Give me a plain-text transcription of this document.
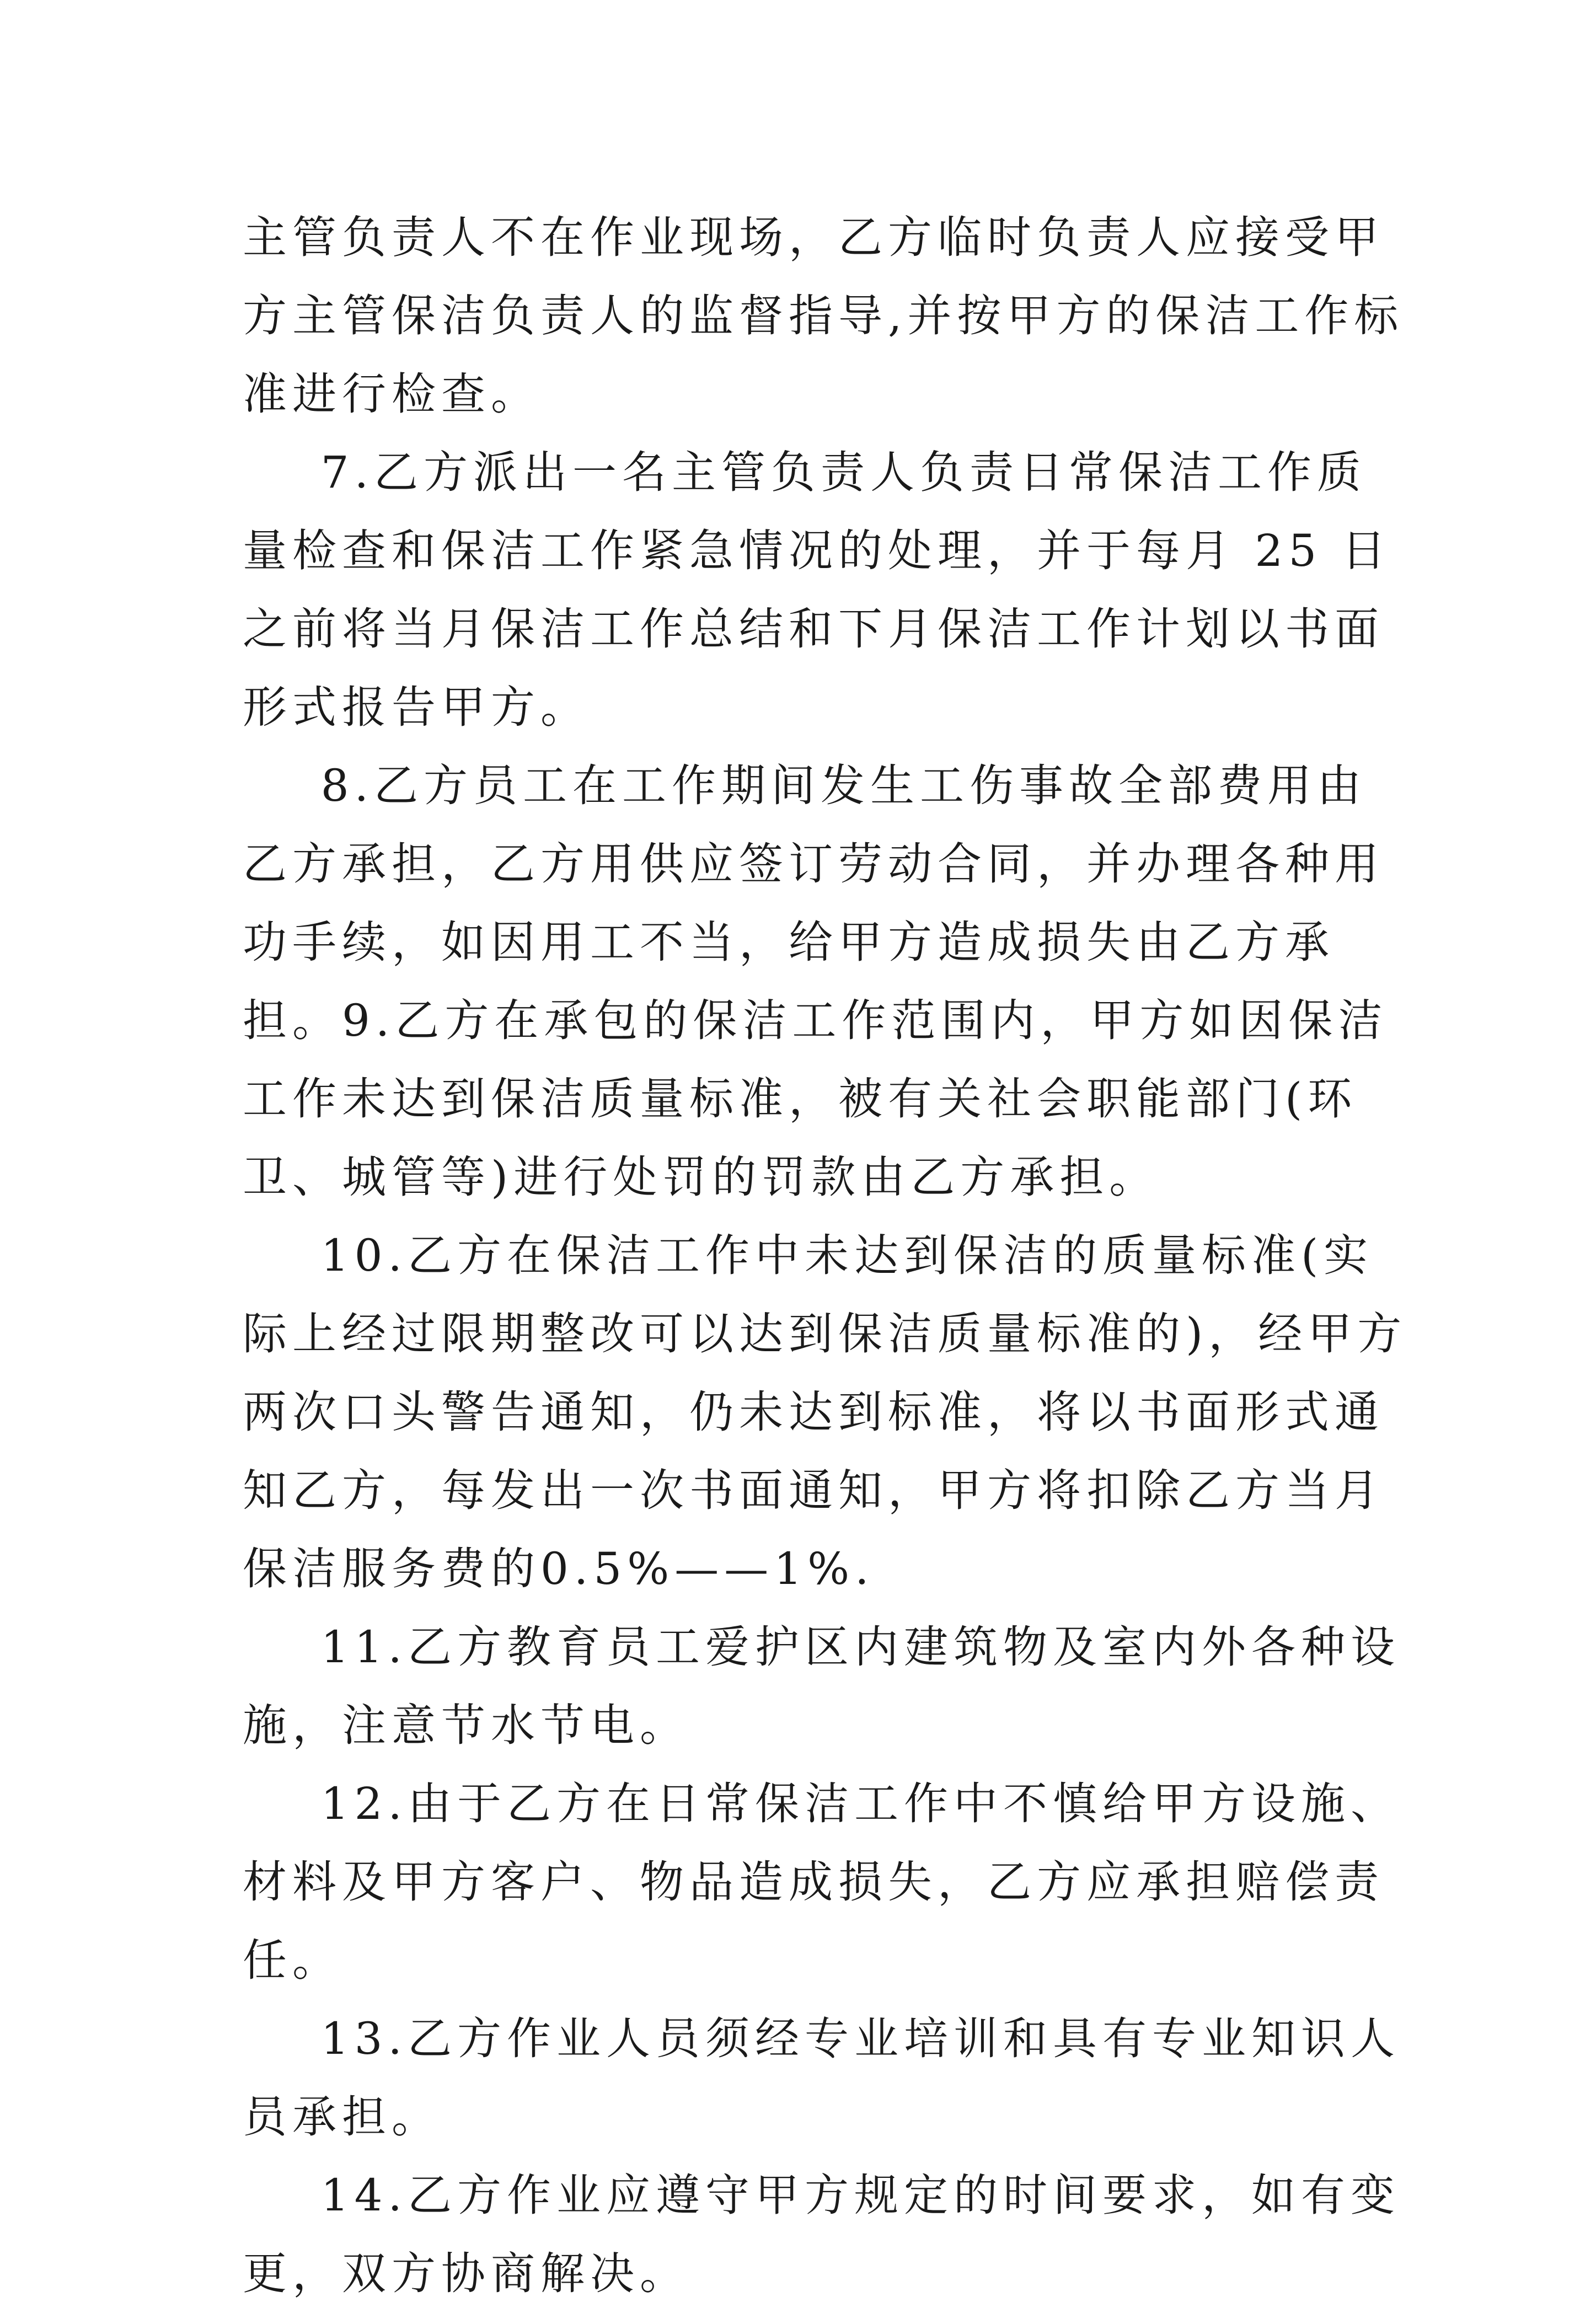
主管负责人不在作业现场，乙方临时负责人应接受甲方主管保洁负责人的监督指导,并按甲方的保洁工作标准进行检查。

7.乙方派出一名主管负责人负责日常保洁工作质量检查和保洁工作紧急情况的处理，并于每月 25 日之前将当月保洁工作总结和下月保洁工作计划以书面形式报告甲方。

8.乙方员工在工作期间发生工伤事故全部费用由乙方承担，乙方用供应签订劳动合同，并办理各种用功手续，如因用工不当，给甲方造成损失由乙方承担。9.乙方在承包的保洁工作范围内，甲方如因保洁工作未达到保洁质量标准，被有关社会职能部门(环卫、城管等)进行处罚的罚款由乙方承担。

10.乙方在保洁工作中未达到保洁的质量标准(实际上经过限期整改可以达到保洁质量标准的)，经甲方两次口头警告通知，仍未达到标准，将以书面形式通知乙方，每发出一次书面通知，甲方将扣除乙方当月保洁服务费的0.5%——1%.

11.乙方教育员工爱护区内建筑物及室内外各种设施，注意节水节电。

12.由于乙方在日常保洁工作中不慎给甲方设施、材料及甲方客户、物品造成损失，乙方应承担赔偿责任。

13.乙方作业人员须经专业培训和具有专业知识人员承担。

14.乙方作业应遵守甲方规定的时间要求，如有变更，双方协商解决。
